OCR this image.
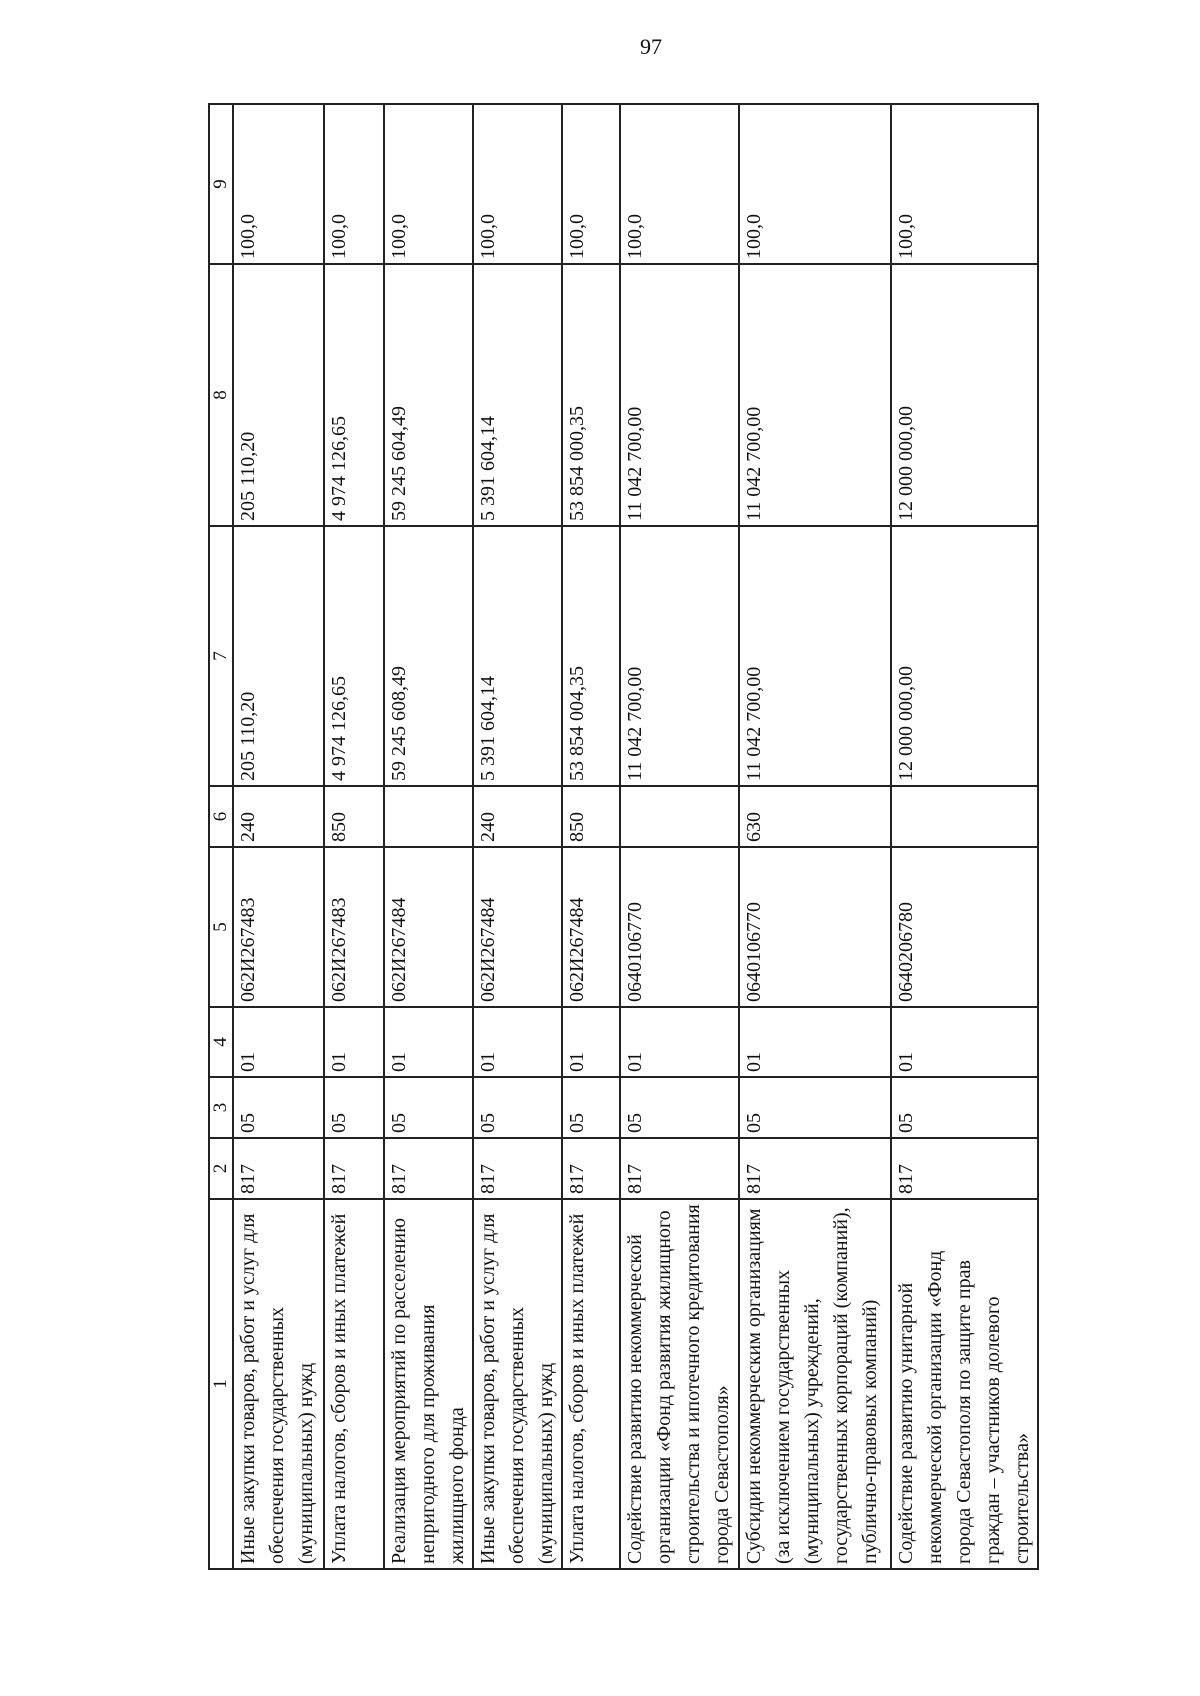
97
1	2	3	4	5	6	7	8	9
Иные закупки товаров, работ и услуг для обеспечения государственных (муниципальных) нужд	817	05	01	062И267483	240	205 110,20	205 110,20	100,0
Уплата налогов, сборов и иных платежей	817	05	01	062И267483	850	4 974 126,65	4 974 126,65	100,0
Реализация мероприятий по расселению непригодного для проживания жилищного фонда	817	05	01	062И267484		59 245 608,49	59 245 604,49	100,0
Иные закупки товаров, работ и услуг для обеспечения государственных (муниципальных) нужд	817	05	01	062И267484	240	5 391 604,14	5 391 604,14	100,0
Уплата налогов, сборов и иных платежей	817	05	01	062И267484	850	53 854 004,35	53 854 000,35	100,0
Содействие развитию некоммерческой организации «Фонд развития жилищного строительства и ипотечного кредитования города Севастополя»	817	05	01	0640106770		11 042 700,00	11 042 700,00	100,0
Субсидии некоммерческим организациям (за исключением государственных (муниципальных) учреждений, государственных корпораций (компаний), публично-правовых компаний)	817	05	01	0640106770	630	11 042 700,00	11 042 700,00	100,0
Содействие развитию унитарной некоммерческой организации «Фонд города Севастополя по защите прав граждан – участников долевого строительства»	817	05	01	0640206780		12 000 000,00	12 000 000,00	100,0
